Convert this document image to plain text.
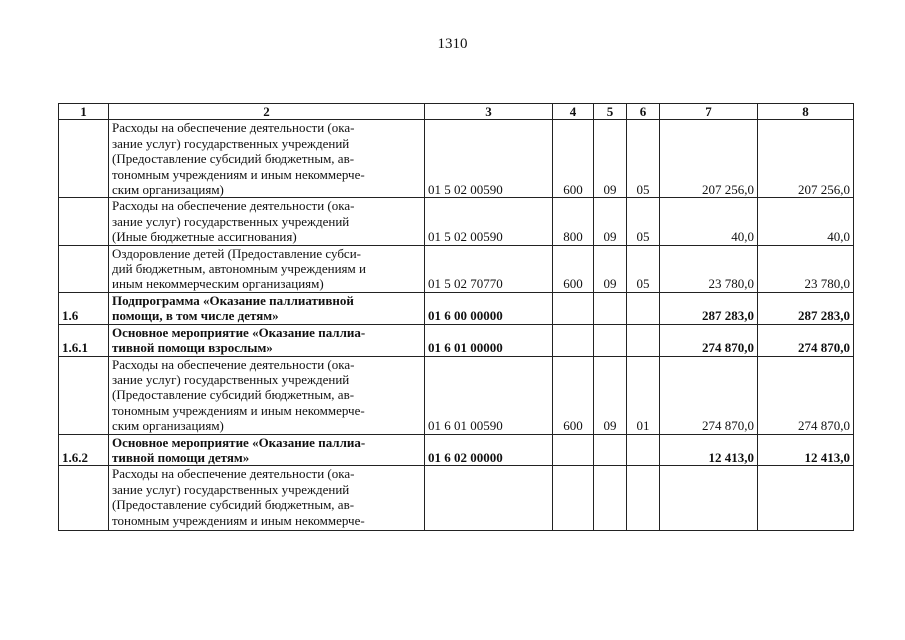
1310
1	2	3	4	5	6	7	8

	Расходы на обеспечение деятельности (ока-
зание услуг) государственных учреждений
(Предоставление субсидий бюджетным, ав-
тономным учреждениям и иным некоммерче-
ским организациям)	01 5 02 00590	600	09	05	207 256,0	207 256,0

	Расходы на обеспечение деятельности (ока-
зание услуг) государственных учреждений
(Иные бюджетные ассигнования)	01 5 02 00590	800	09	05	40,0	40,0

	Оздоровление детей (Предоставление субси-
дий бюджетным, автономным учреждениям и
иным некоммерческим организациям)	01 5 02 70770	600	09	05	23 780,0	23 780,0
1.6	Подпрограмма «Оказание паллиативной
помощи, в том числе детям»	01 6 00 00000				287 283,0	287 283,0
1.6.1	Основное мероприятие «Оказание паллиа-
тивной помощи взрослым»	01 6 01 00000				274 870,0	274 870,0

	Расходы на обеспечение деятельности (ока-
зание услуг) государственных учреждений
(Предоставление субсидий бюджетным, ав-
тономным учреждениям и иным некоммерче-
ским организациям)	01 6 01 00590	600	09	01	274 870,0	274 870,0
1.6.2	Основное мероприятие «Оказание паллиа-
тивной помощи детям»	01 6 02 00000				12 413,0	12 413,0

	Расходы на обеспечение деятельности (ока-
зание услуг) государственных учреждений
(Предоставление субсидий бюджетным, ав-
тономным учреждениям и иным некоммерче-						
